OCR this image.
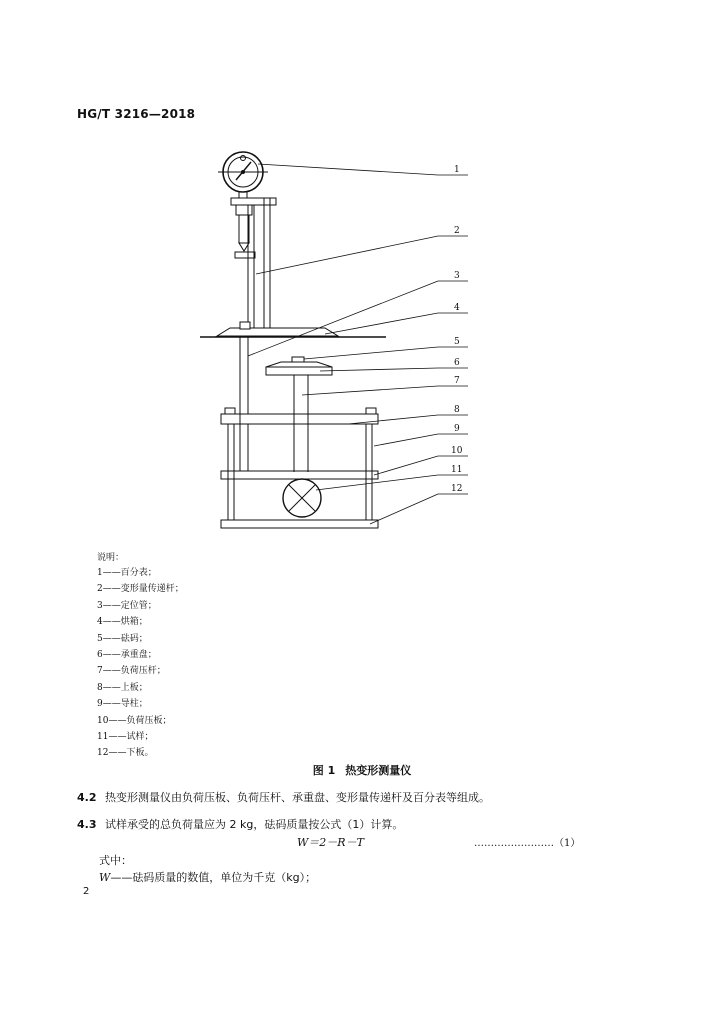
HG/T 3216—2018
1
2
3
4
5
6
7
8
9
10
11
12
说明：
1——百分表；
2——变形量传递杆；
3——定位管；
4——烘箱；
5——砝码；
6——承重盘；
7——负荷压杆；
8——上板；
9——导柱；
10——负荷压板；
11——试样；
12——下板。
图 1 热变形测量仪
4.2 热变形测量仪由负荷压板、负荷压杆、承重盘、变形量传递杆及百分表等组成。
4.3 试样承受的总负荷量应为 2 kg，砝码质量按公式（1）计算。
W＝2－R－T	……………………（1）
式中：
W——砝码质量的数值，单位为千克（kg）；
2
